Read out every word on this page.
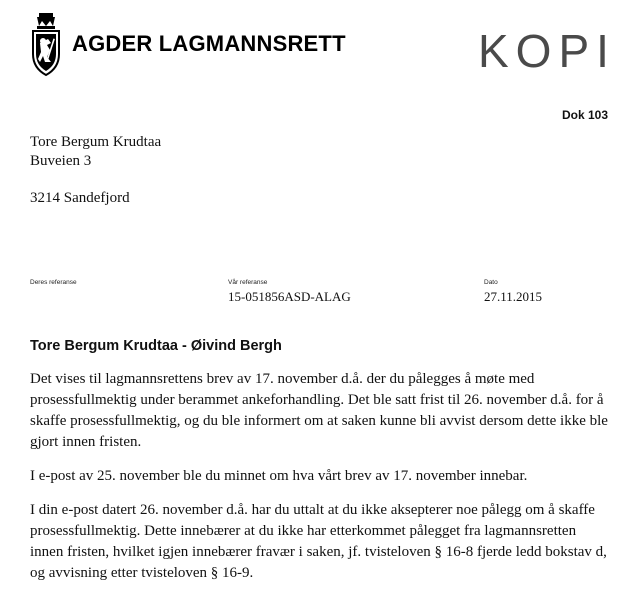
AGDER LAGMANNSRETT	KOPI
Dok 103
Tore Bergum Krudtaa
Buveien 3
3214 Sandefjord
Deres referanse	Vår referanse
15-051856ASD-ALAG
Dato
27.11.2015
Tore Bergum Krudtaa - Øivind Bergh

Det vises til lagmannsrettens brev av 17. november d.å. der du pålegges å møte med prosessfullmektig under berammet ankeforhandling. Det ble satt frist til 26. november d.å. for å skaffe prosessfullmektig, og du ble informert om at saken kunne bli avvist dersom dette ikke ble gjort innen fristen.

I e-post av 25. november ble du minnet om hva vårt brev av 17. november innebar.

I din e-post datert 26. november d.å. har du uttalt at du ikke aksepterer noe pålegg om å skaffe prosessfullmektig. Dette innebærer at du ikke har etterkommet pålegget fra lagmannsretten innen fristen, hvilket igjen innebærer fravær i saken, jf. tvisteloven § 16-8 fjerde ledd bokstav d, og avvisning etter tvisteloven § 16-9.
